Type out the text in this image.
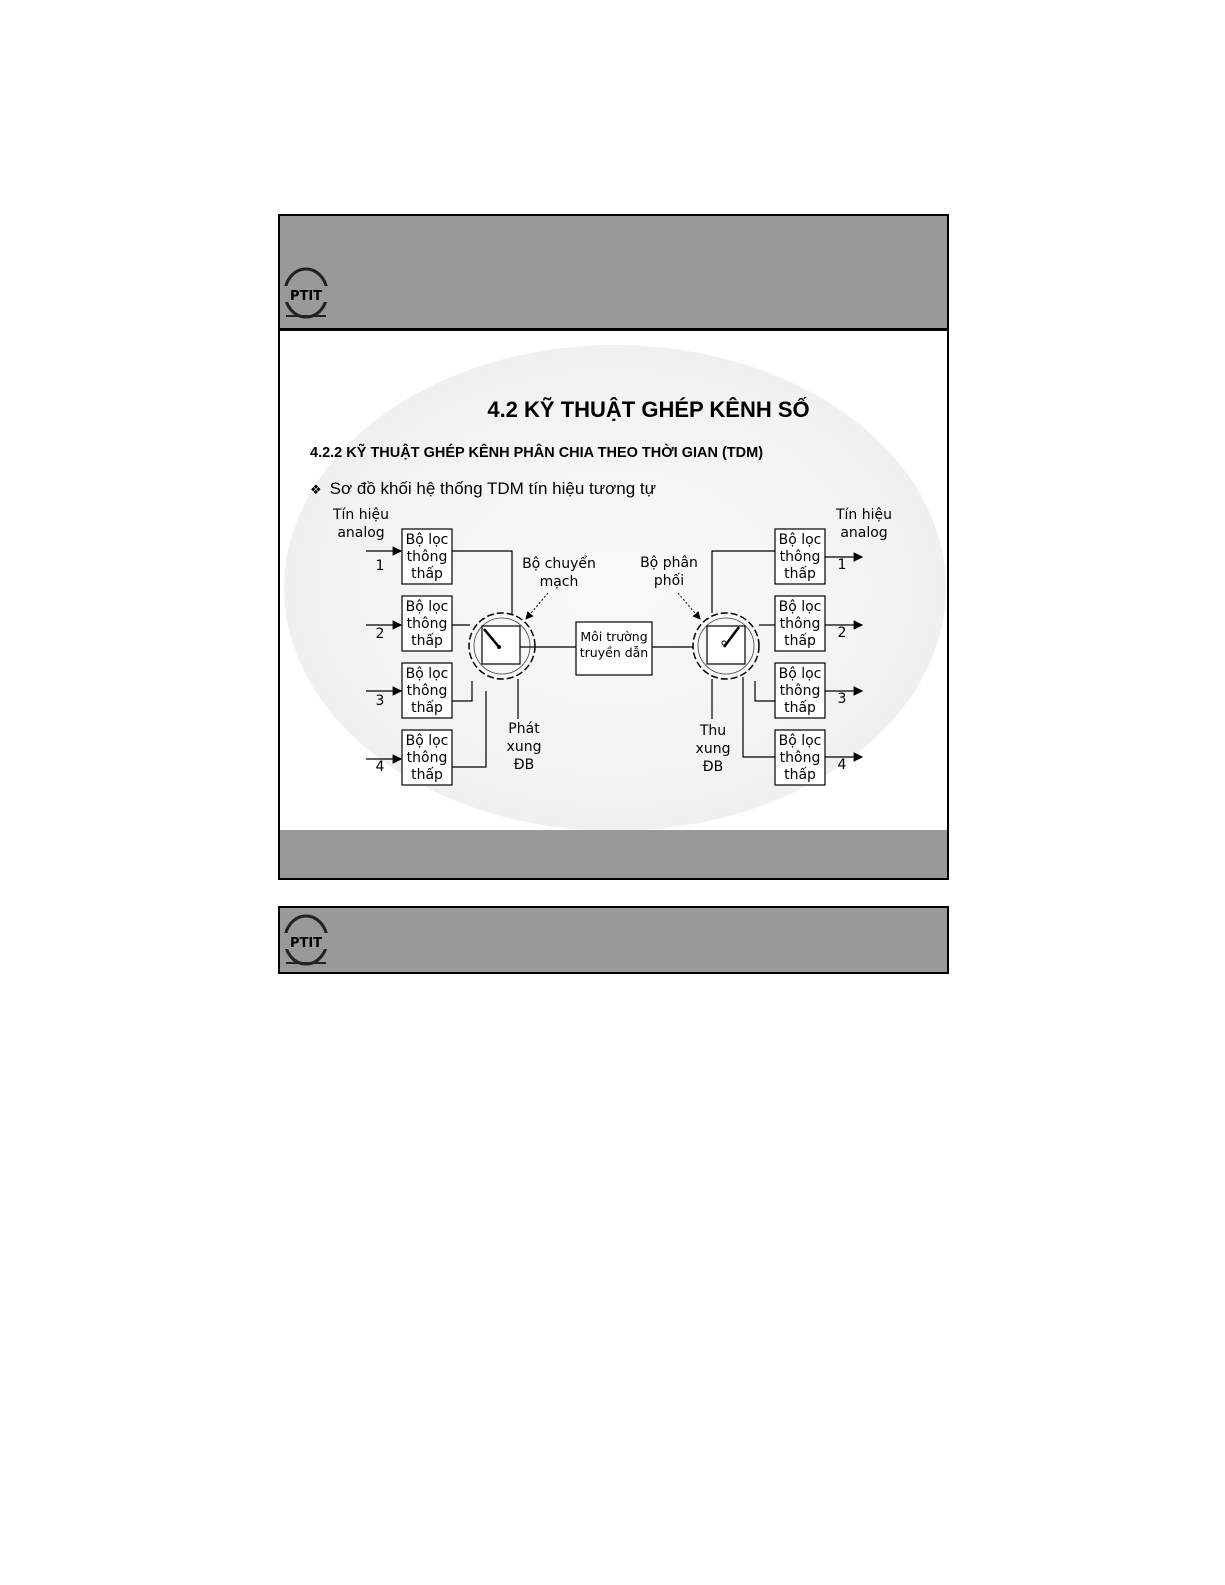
PTIT
4.2 KỸ THUẬT GHÉP KÊNH SỐ
4.2.2 KỸ THUẬT GHÉP KÊNH PHÂN CHIA THEO THỜI GIAN (TDM)
❖ Sơ đồ khối hệ thống TDM tín hiệu tương tự
Tín hiệu
analog
Tín hiệu
analog
Bộ lọc
thông
thấp
Bộ lọc
thông
thấp
Bộ lọc
thông
thấp
Bộ lọc
thông
thấp
1
2
3
4
Môi trường
truyền dẫn
Bộ chuyển
mạch
Bộ phân
phối
Phát
xung
ĐB
Thu
xung
ĐB
Bộ lọc
thông
thấp
Bộ lọc
thông
thấp
Bộ lọc
thông
thấp
Bộ lọc
thông
thấp
1
2
3
4
PTIT
